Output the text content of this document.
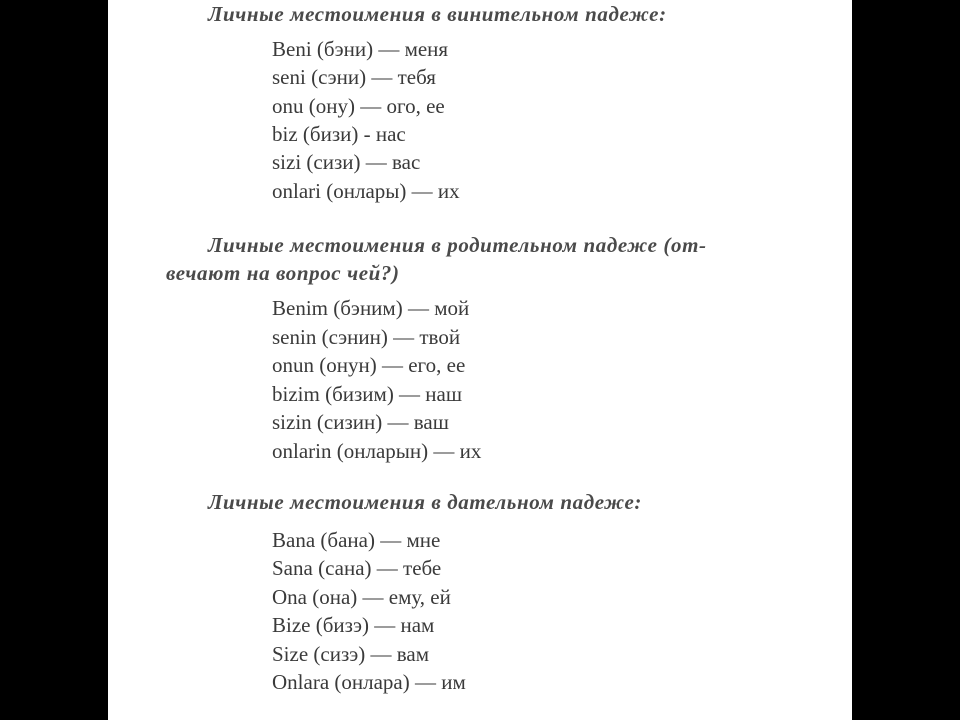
Личные местоимения в винительном падеже:

Beni (бэни) — меня
seni (сэни) — тебя
onu (ону) — ого, ее
biz (бизи) - нас
sizi (сизи) — вас
onlari (онлары) — их

Личные местоимения в родительном падеже (от-

вечают на вопрос чей?)

Benim (бэним) — мой
senin (сэнин) — твой
onun (онун) — его, ее
bizim (бизим) — наш
sizin (сизин) — ваш
onlarin (онларын) — их

Личные местоимения в дательном падеже:

Bana (бана) — мне
Sana (сана) — тебе
Ona (она) — ему, ей
Bize (бизэ) — нам
Size (сизэ) — вам
Onlara (онлара) — им
